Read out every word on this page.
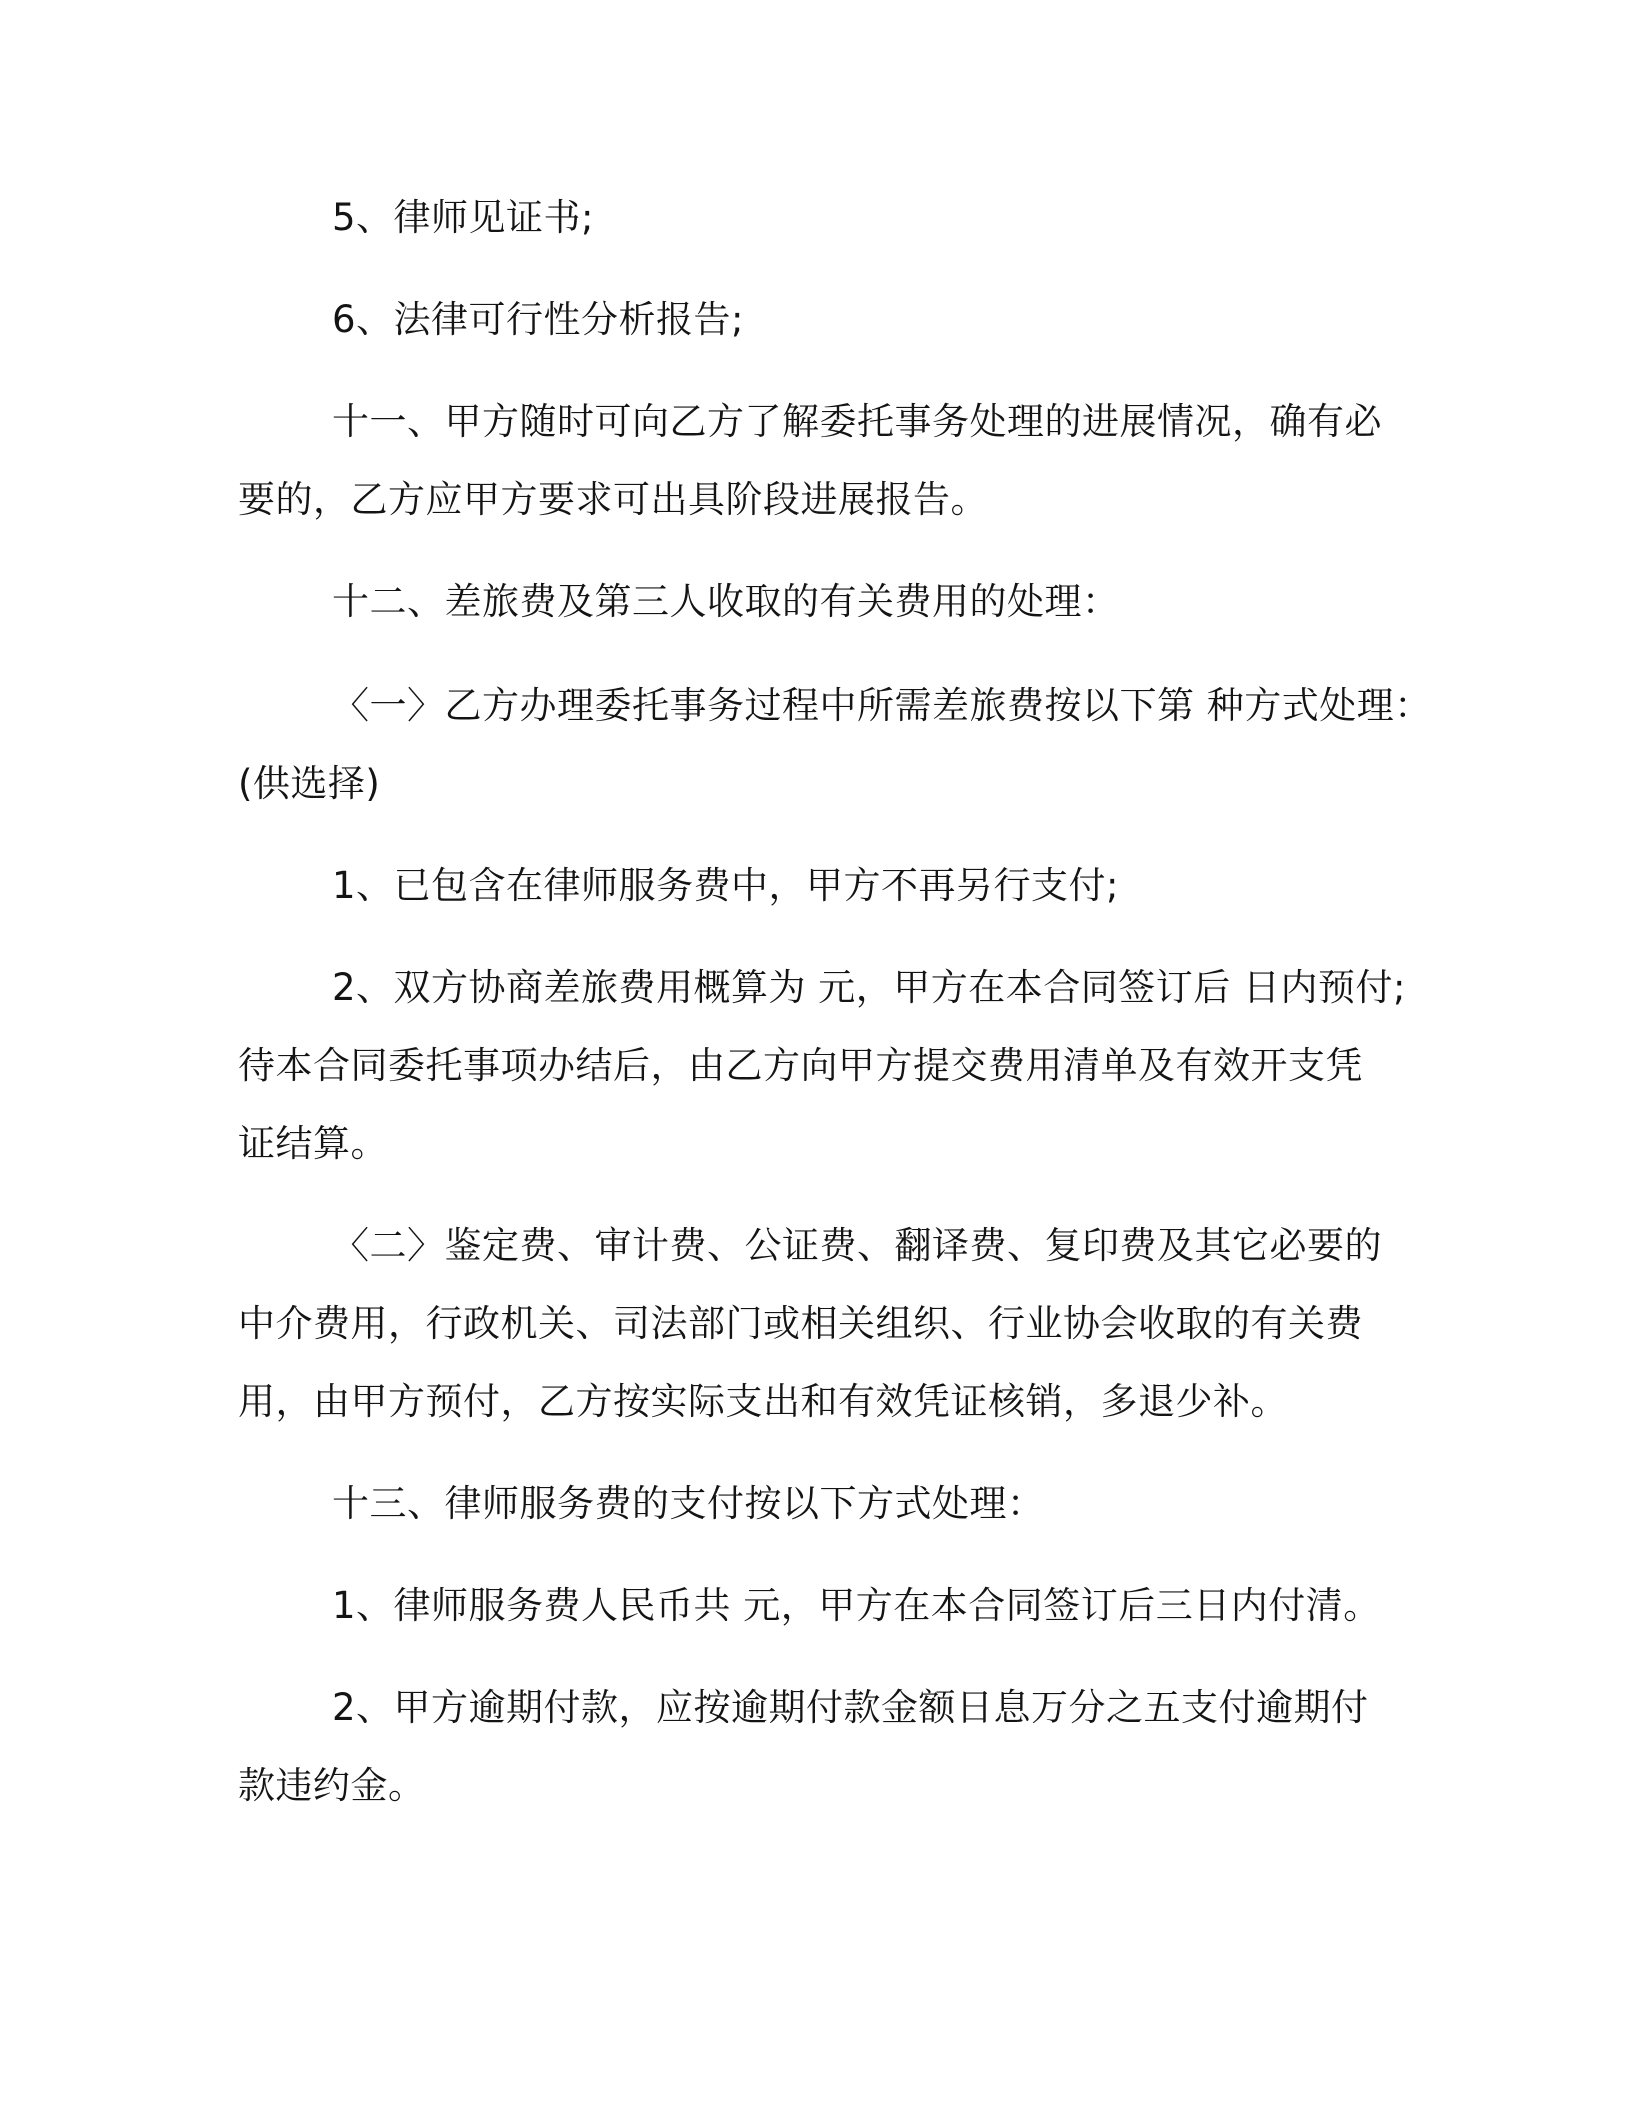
5、律师见证书;
6、法律可行性分析报告;
十一、甲方随时可向乙方了解委托事务处理的进展情况，确有必
要的，乙方应甲方要求可出具阶段进展报告。
十二、差旅费及第三人收取的有关费用的处理：
〈一〉乙方办理委托事务过程中所需差旅费按以下第 种方式处理：
(供选择)
1、已包含在律师服务费中，甲方不再另行支付;
2、双方协商差旅费用概算为 元，甲方在本合同签订后 日内预付;
待本合同委托事项办结后，由乙方向甲方提交费用清单及有效开支凭
证结算。
〈二〉鉴定费、审计费、公证费、翻译费、复印费及其它必要的
中介费用，行政机关、司法部门或相关组织、行业协会收取的有关费
用，由甲方预付，乙方按实际支出和有效凭证核销，多退少补。
十三、律师服务费的支付按以下方式处理：
1、律师服务费人民币共 元，甲方在本合同签订后三日内付清。
2、甲方逾期付款，应按逾期付款金额日息万分之五支付逾期付
款违约金。
